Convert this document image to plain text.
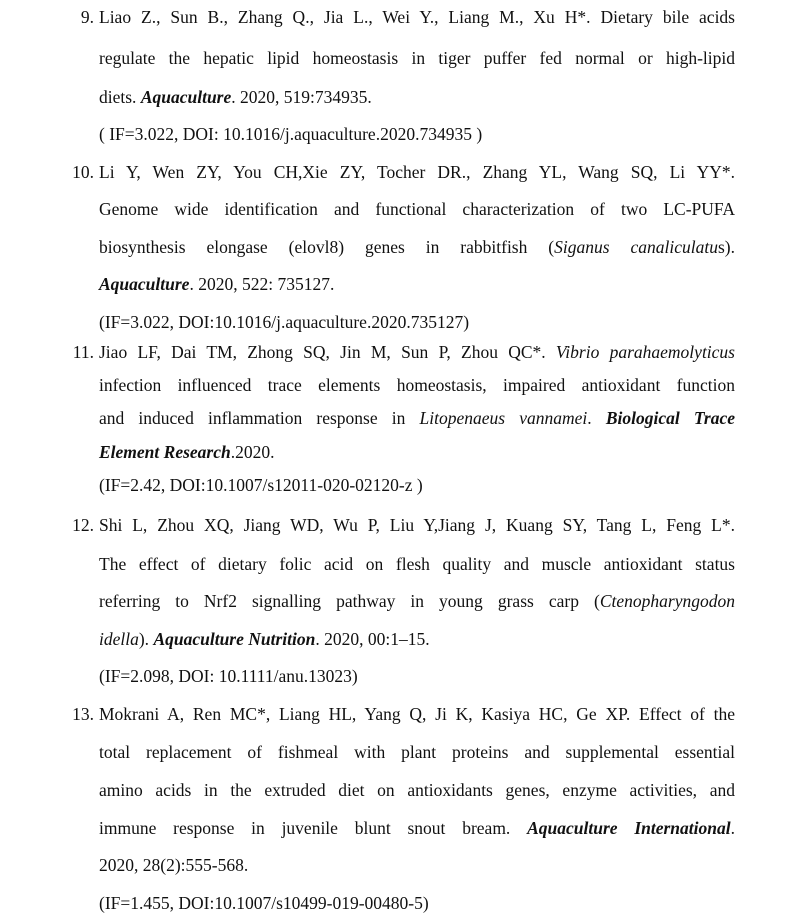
9. Liao Z., Sun B., Zhang Q., Jia L., Wei Y., Liang M., Xu H*. Dietary bile acids
regulate the hepatic lipid homeostasis in tiger puffer fed normal or high-lipid
diets. Aquaculture. 2020, 519:734935.
( IF=3.022, DOI: 10.1016/j.aquaculture.2020.734935 )
10. Li Y, Wen ZY, You CH,Xie ZY, Tocher DR., Zhang YL, Wang SQ, Li YY*.
Genome wide identification and functional characterization of two LC-PUFA
biosynthesis elongase (elovl8) genes in rabbitfish (Siganus canaliculatus).
Aquaculture. 2020, 522: 735127.
(IF=3.022, DOI:10.1016/j.aquaculture.2020.735127)
11. Jiao LF, Dai TM, Zhong SQ, Jin M, Sun P, Zhou QC*. Vibrio parahaemolyticus
infection influenced trace elements homeostasis, impaired antioxidant function
and induced inflammation response in Litopenaeus vannamei. Biological Trace
Element Research.2020.
(IF=2.42, DOI:10.1007/s12011-020-02120-z )
12. Shi L, Zhou XQ, Jiang WD, Wu P, Liu Y,Jiang J, Kuang SY, Tang L, Feng L*.
The effect of dietary folic acid on flesh quality and muscle antioxidant status
referring to Nrf2 signalling pathway in young grass carp (Ctenopharyngodon
idella). Aquaculture Nutrition. 2020, 00:1–15.
(IF=2.098, DOI: 10.1111/anu.13023)
13. Mokrani A, Ren MC*, Liang HL, Yang Q, Ji K, Kasiya HC, Ge XP. Effect of the
total replacement of fishmeal with plant proteins and supplemental essential
amino acids in the extruded diet on antioxidants genes, enzyme activities, and
immune response in juvenile blunt snout bream. Aquaculture International.
2020, 28(2):555-568.
(IF=1.455, DOI:10.1007/s10499-019-00480-5)
